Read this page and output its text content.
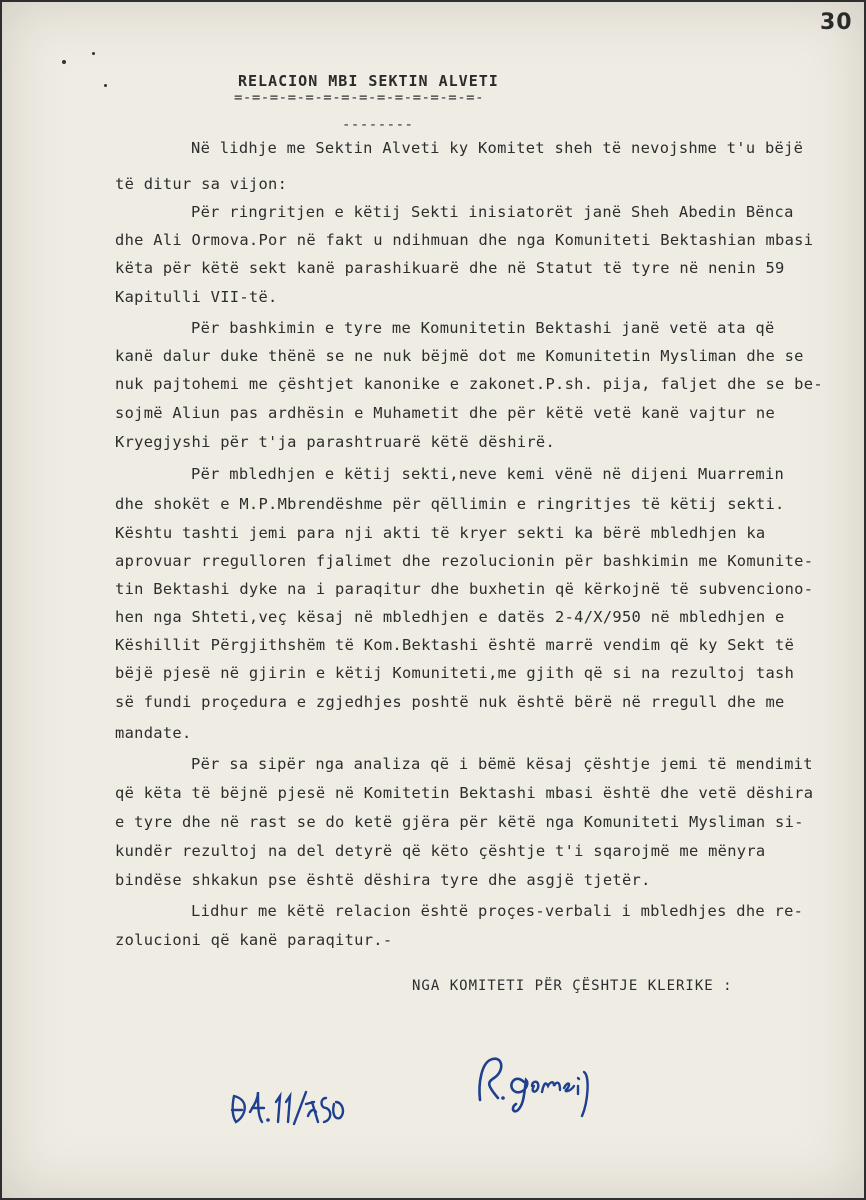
30
RELACION MBI SEKTIN ALVETI
=-=-=-=-=-=-=-=-=-=-=-=-=-=-
--------
Në lidhje me Sektin Alveti ky Komitet sheh të nevojshme t'u bëjë
të ditur sa vijon:
Për ringritjen e këtij Sekti inisiatorët janë Sheh Abedin Bënca
dhe Ali Ormova.Por në fakt u ndihmuan dhe nga Komuniteti Bektashian mbasi
këta për këtë sekt kanë parashikuarë dhe në Statut të tyre në nenin 59
Kapitulli VII-të.
Për bashkimin e tyre me Komunitetin Bektashi janë vetë ata që
kanë dalur duke thënë se ne nuk bëjmë dot me Komunitetin Mysliman dhe se
nuk pajtohemi me çështjet kanonike e zakonet.P.sh. pija, faljet dhe se be-
sojmë Aliun pas ardhësin e Muhametit dhe për këtë vetë kanë vajtur ne
Kryegjyshi për t'ja parashtruarë këtë dëshirë.
Për mbledhjen e këtij sekti,neve kemi vënë në dijeni Muarremin
dhe shokët e M.P.Mbrendëshme për qëllimin e ringritjes të këtij sekti.
Kështu tashti jemi para nji akti të kryer sekti ka bërë mbledhjen ka
aprovuar rregulloren fjalimet dhe rezolucionin për bashkimin me Komunite-
tin Bektashi dyke na i paraqitur dhe buxhetin që kërkojnë të subvenciono-
hen nga Shteti,veç kësaj në mbledhjen e datës 2-4/X/950 në mbledhjen e
Këshillit Përgjithshëm të Kom.Bektashi është marrë vendim që ky Sekt të
bëjë pjesë në gjirin e këtij Komuniteti,me gjith që si na rezultoj tash
së fundi proçedura e zgjedhjes poshtë nuk është bërë në rregull dhe me
mandate.
Për sa sipër nga analiza që i bëmë kësaj çështje jemi të mendimit
që këta të bëjnë pjesë në Komitetin Bektashi mbasi është dhe vetë dëshira
e tyre dhe në rast se do ketë gjëra për këtë nga Komuniteti Mysliman si-
kundër rezultoj na del detyrë që këto çështje t'i sqarojmë me mënyra
bindëse shkakun pse është dëshira tyre dhe asgjë tjetër.
Lidhur me këtë relacion është proçes-verbali i mbledhjes dhe re-
zolucioni që kanë paraqitur.-
NGA KOMITETI PËR ÇËSHTJE KLERIKE :
